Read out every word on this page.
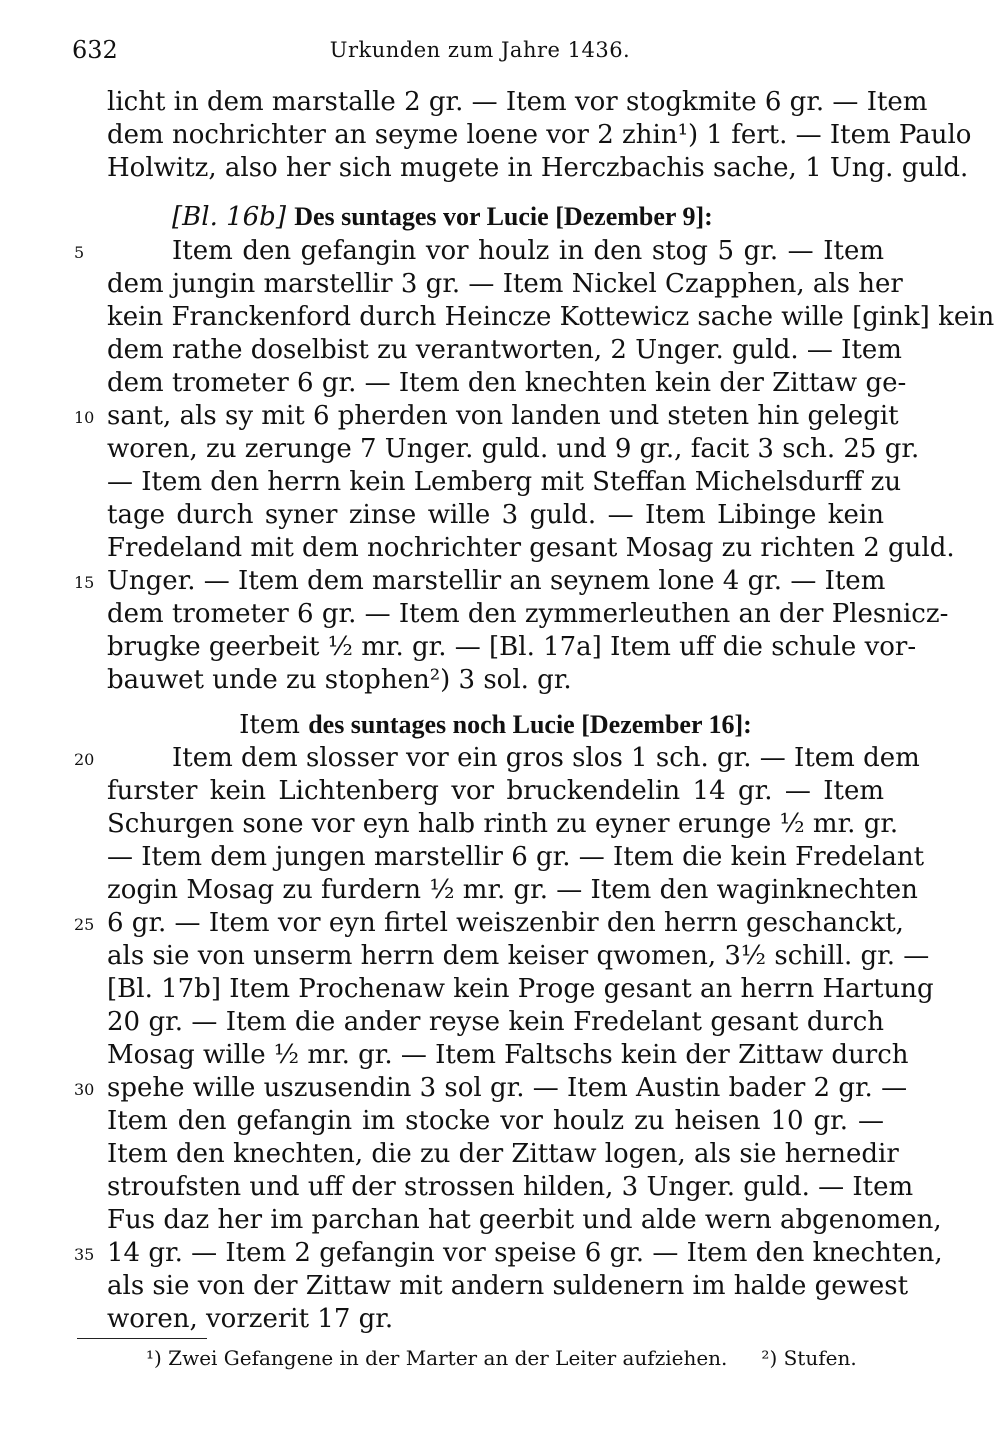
632	Urkunden zum Jahre 1436.
licht in dem marstalle 2 gr. — Item vor stogkmite 6 gr. — Item
dem nochrichter an seyme loene vor 2 zhin¹) 1 fert. — Item Paulo
Holwitz, also her sich mugete in Herczbachis sache, 1 Ung. guld.
[Bl. 16b] Des suntages vor Lucie [Dezember 9]:
Item den gefangin vor houlz in den stog 5 gr. — Item
dem jungin marstellir 3 gr. — Item Nickel Czapphen, als her
kein Franckenford durch Heincze Kottewicz sache wille [gink] kein
dem rathe doselbist zu verantworten, 2 Unger. guld. — Item
dem trometer 6 gr. — Item den knechten kein der Zittaw ge-
sant, als sy mit 6 pherden von landen und steten hin gelegit
woren, zu zerunge 7 Unger. guld. und 9 gr., facit 3 sch. 25 gr.
— Item den herrn kein Lemberg mit Steffan Michelsdurff zu
tage durch syner zinse wille 3 guld. — Item Libinge kein
Fredeland mit dem nochrichter gesant Mosag zu richten 2 guld.
Unger. — Item dem marstellir an seynem lone 4 gr. — Item
dem trometer 6 gr. — Item den zymmerleuthen an der Plesnicz-
brugke geerbeit ½ mr. gr. — [Bl. 17a] Item uff die schule vor-
bauwet unde zu stophen²) 3 sol. gr.
Item des suntages noch Lucie [Dezember 16]:
Item dem slosser vor ein gros slos 1 sch. gr. — Item dem
furster kein Lichtenberg vor bruckendelin 14 gr. — Item
Schurgen sone vor eyn halb rinth zu eyner erunge ½ mr. gr.
— Item dem jungen marstellir 6 gr. — Item die kein Fredelant
zogin Mosag zu furdern ½ mr. gr. — Item den waginknechten
6 gr. — Item vor eyn firtel weiszenbir den herrn geschanckt,
als sie von unserm herrn dem keiser qwomen, 3½ schill. gr. —
[Bl. 17b] Item Prochenaw kein Proge gesant an herrn Hartung
20 gr. — Item die ander reyse kein Fredelant gesant durch
Mosag wille ½ mr. gr. — Item Faltschs kein der Zittaw durch
spehe wille uszusendin 3 sol gr. — Item Austin bader 2 gr. —
Item den gefangin im stocke vor houlz zu heisen 10 gr. —
Item den knechten, die zu der Zittaw logen, als sie hernedir
stroufsten und uff der strossen hilden, 3 Unger. guld. — Item
Fus daz her im parchan hat geerbit und alde wern abgenomen,
14 gr. — Item 2 gefangin vor speise 6 gr. — Item den knechten,
als sie von der Zittaw mit andern suldenern im halde gewest
woren, vorzerit 17 gr.
5
10
15
20
25
30
35
¹) Zwei Gefangene in der Marter an der Leiter aufziehen. ²) Stufen.
